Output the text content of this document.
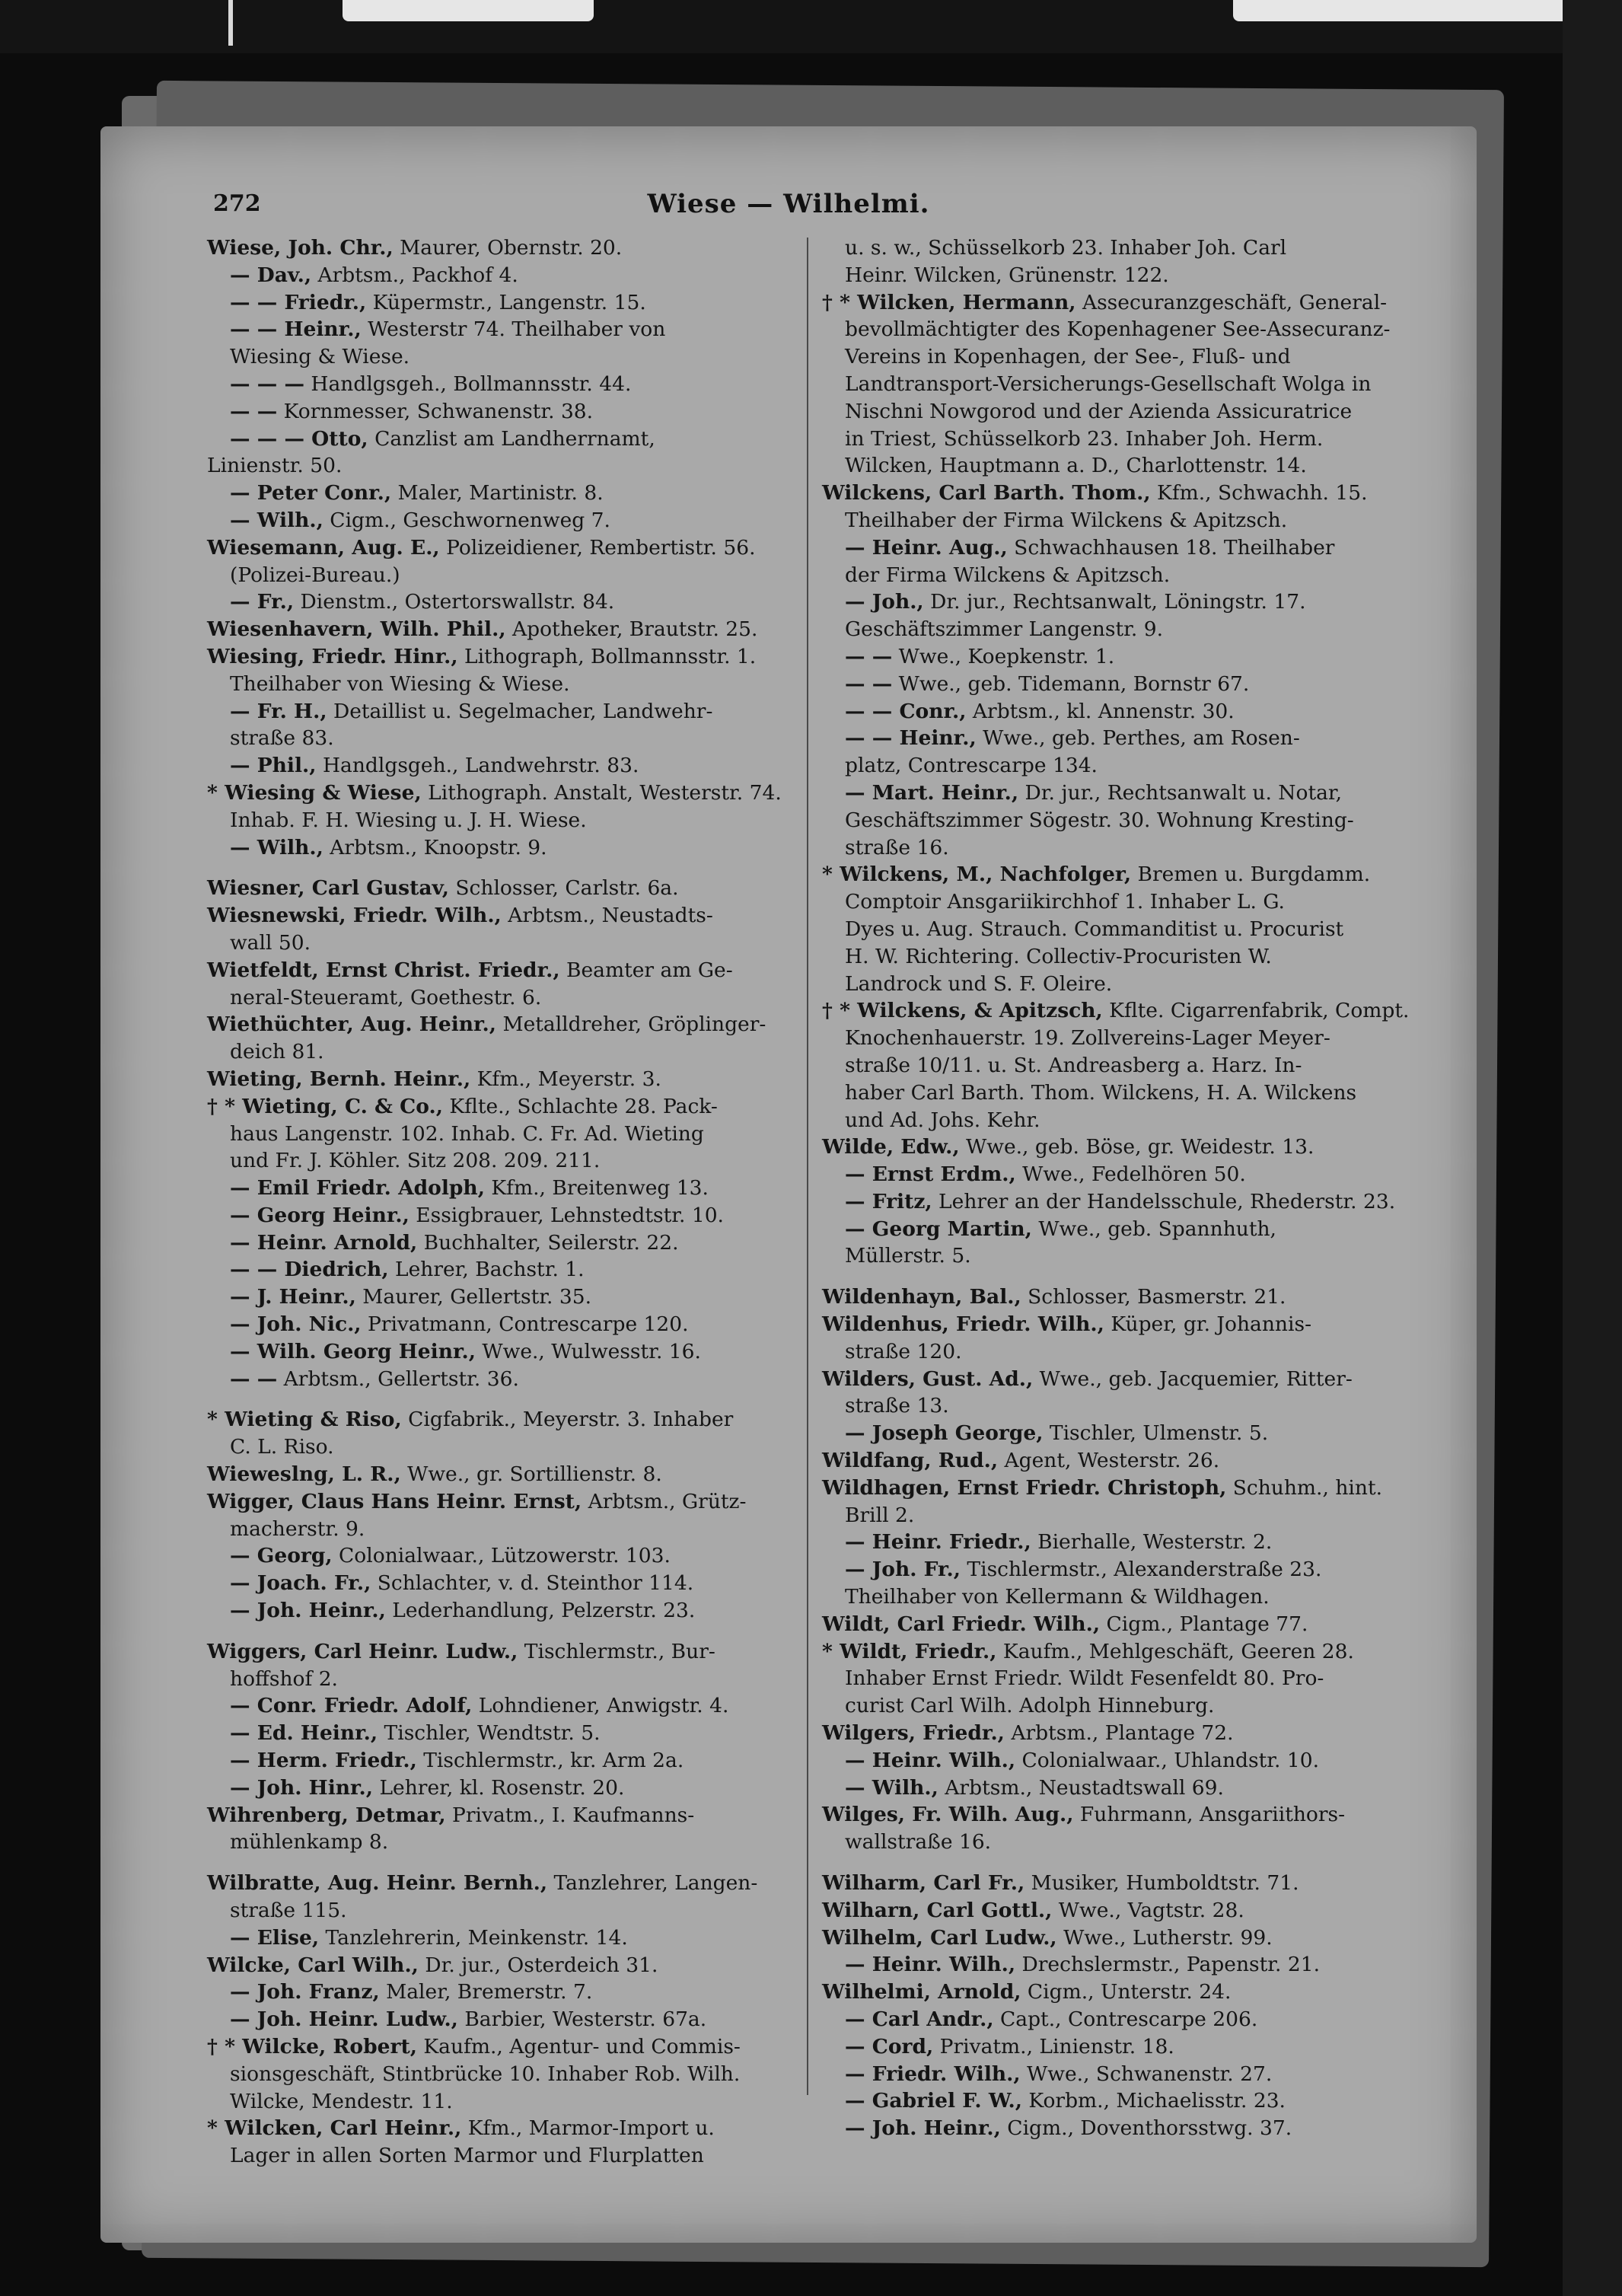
272	Wiese — Wilhelmi.
Wiese, Joh. Chr., Maurer, Obernstr. 20.
— Dav., Arbtsm., Packhof 4.
— — Friedr., Küpermstr., Langenstr. 15.
— — Heinr., Westerstr 74. Theilhaber von
Wiesing & Wiese.
— — — Handlgsgeh., Bollmannsstr. 44.
— — Kornmesser, Schwanenstr. 38.
— — — Otto, Canzlist am Landherrnamt,
Linienstr. 50.
— Peter Conr., Maler, Martinistr. 8.
— Wilh., Cigm., Geschwornenweg 7.
Wiesemann, Aug. E., Polizeidiener, Rembertistr. 56.
(Polizei-Bureau.)
— Fr., Dienstm., Ostertorswallstr. 84.
Wiesenhavern, Wilh. Phil., Apotheker, Brautstr. 25.
Wiesing, Friedr. Hinr., Lithograph, Bollmannsstr. 1.
Theilhaber von Wiesing & Wiese.
— Fr. H., Detaillist u. Segelmacher, Landwehr-
straße 83.
— Phil., Handlgsgeh., Landwehrstr. 83.
* Wiesing & Wiese, Lithograph. Anstalt, Westerstr. 74.
Inhab. F. H. Wiesing u. J. H. Wiese.
— Wilh., Arbtsm., Knoopstr. 9.
Wiesner, Carl Gustav, Schlosser, Carlstr. 6a.
Wiesnewski, Friedr. Wilh., Arbtsm., Neustadts-
wall 50.
Wietfeldt, Ernst Christ. Friedr., Beamter am Ge-
neral-Steueramt, Goethestr. 6.
Wiethüchter, Aug. Heinr., Metalldreher, Gröplinger-
deich 81.
Wieting, Bernh. Heinr., Kfm., Meyerstr. 3.
† * Wieting, C. & Co., Kflte., Schlachte 28. Pack-
haus Langenstr. 102. Inhab. C. Fr. Ad. Wieting
und Fr. J. Köhler. Sitz 208. 209. 211.
— Emil Friedr. Adolph, Kfm., Breitenweg 13.
— Georg Heinr., Essigbrauer, Lehnstedtstr. 10.
— Heinr. Arnold, Buchhalter, Seilerstr. 22.
— — Diedrich, Lehrer, Bachstr. 1.
— J. Heinr., Maurer, Gellertstr. 35.
— Joh. Nic., Privatmann, Contrescarpe 120.
— Wilh. Georg Heinr., Wwe., Wulwesstr. 16.
— — Arbtsm., Gellertstr. 36.
* Wieting & Riso, Cigfabrik., Meyerstr. 3. Inhaber
C. L. Riso.
Wieweslng, L. R., Wwe., gr. Sortillienstr. 8.
Wigger, Claus Hans Heinr. Ernst, Arbtsm., Grütz-
macherstr. 9.
— Georg, Colonialwaar., Lützowerstr. 103.
— Joach. Fr., Schlachter, v. d. Steinthor 114.
— Joh. Heinr., Lederhandlung, Pelzerstr. 23.
Wiggers, Carl Heinr. Ludw., Tischlermstr., Bur-
hoffshof 2.
— Conr. Friedr. Adolf, Lohndiener, Anwigstr. 4.
— Ed. Heinr., Tischler, Wendtstr. 5.
— Herm. Friedr., Tischlermstr., kr. Arm 2a.
— Joh. Hinr., Lehrer, kl. Rosenstr. 20.
Wihrenberg, Detmar, Privatm., I. Kaufmanns-
mühlenkamp 8.
Wilbratte, Aug. Heinr. Bernh., Tanzlehrer, Langen-
straße 115.
— Elise, Tanzlehrerin, Meinkenstr. 14.
Wilcke, Carl Wilh., Dr. jur., Osterdeich 31.
— Joh. Franz, Maler, Bremerstr. 7.
— Joh. Heinr. Ludw., Barbier, Westerstr. 67a.
† * Wilcke, Robert, Kaufm., Agentur- und Commis-
sionsgeschäft, Stintbrücke 10. Inhaber Rob. Wilh.
Wilcke, Mendestr. 11.
* Wilcken, Carl Heinr., Kfm., Marmor-Import u.
Lager in allen Sorten Marmor und Flurplatten
u. s. w., Schüsselkorb 23. Inhaber Joh. Carl
Heinr. Wilcken, Grünenstr. 122.
† * Wilcken, Hermann, Assecuranzgeschäft, General-
bevollmächtigter des Kopenhagener See-Assecuranz-
Vereins in Kopenhagen, der See-, Fluß- und
Landtransport-Versicherungs-Gesellschaft Wolga in
Nischni Nowgorod und der Azienda Assicuratrice
in Triest, Schüsselkorb 23. Inhaber Joh. Herm.
Wilcken, Hauptmann a. D., Charlottenstr. 14.
Wilckens, Carl Barth. Thom., Kfm., Schwachh. 15.
Theilhaber der Firma Wilckens & Apitzsch.
— Heinr. Aug., Schwachhausen 18. Theilhaber
der Firma Wilckens & Apitzsch.
— Joh., Dr. jur., Rechtsanwalt, Löningstr. 17.
Geschäftszimmer Langenstr. 9.
— — Wwe., Koepkenstr. 1.
— — Wwe., geb. Tidemann, Bornstr 67.
— — Conr., Arbtsm., kl. Annenstr. 30.
— — Heinr., Wwe., geb. Perthes, am Rosen-
platz, Contrescarpe 134.
— Mart. Heinr., Dr. jur., Rechtsanwalt u. Notar,
Geschäftszimmer Sögestr. 30. Wohnung Kresting-
straße 16.
* Wilckens, M., Nachfolger, Bremen u. Burgdamm.
Comptoir Ansgariikirchhof 1. Inhaber L. G.
Dyes u. Aug. Strauch. Commanditist u. Procurist
H. W. Richtering. Collectiv-Procuristen W.
Landrock und S. F. Oleire.
† * Wilckens, & Apitzsch, Kflte. Cigarrenfabrik, Compt.
Knochenhauerstr. 19. Zollvereins-Lager Meyer-
straße 10/11. u. St. Andreasberg a. Harz. In-
haber Carl Barth. Thom. Wilckens, H. A. Wilckens
und Ad. Johs. Kehr.
Wilde, Edw., Wwe., geb. Böse, gr. Weidestr. 13.
— Ernst Erdm., Wwe., Fedelhören 50.
— Fritz, Lehrer an der Handelsschule, Rhederstr. 23.
— Georg Martin, Wwe., geb. Spannhuth,
Müllerstr. 5.
Wildenhayn, Bal., Schlosser, Basmerstr. 21.
Wildenhus, Friedr. Wilh., Küper, gr. Johannis-
straße 120.
Wilders, Gust. Ad., Wwe., geb. Jacquemier, Ritter-
straße 13.
— Joseph George, Tischler, Ulmenstr. 5.
Wildfang, Rud., Agent, Westerstr. 26.
Wildhagen, Ernst Friedr. Christoph, Schuhm., hint.
Brill 2.
— Heinr. Friedr., Bierhalle, Westerstr. 2.
— Joh. Fr., Tischlermstr., Alexanderstraße 23.
Theilhaber von Kellermann & Wildhagen.
Wildt, Carl Friedr. Wilh., Cigm., Plantage 77.
* Wildt, Friedr., Kaufm., Mehlgeschäft, Geeren 28.
Inhaber Ernst Friedr. Wildt Fesenfeldt 80. Pro-
curist Carl Wilh. Adolph Hinneburg.
Wilgers, Friedr., Arbtsm., Plantage 72.
— Heinr. Wilh., Colonialwaar., Uhlandstr. 10.
— Wilh., Arbtsm., Neustadtswall 69.
Wilges, Fr. Wilh. Aug., Fuhrmann, Ansgariithors-
wallstraße 16.
Wilharm, Carl Fr., Musiker, Humboldtstr. 71.
Wilharn, Carl Gottl., Wwe., Vagtstr. 28.
Wilhelm, Carl Ludw., Wwe., Lutherstr. 99.
— Heinr. Wilh., Drechslermstr., Papenstr. 21.
Wilhelmi, Arnold, Cigm., Unterstr. 24.
— Carl Andr., Capt., Contrescarpe 206.
— Cord, Privatm., Linienstr. 18.
— Friedr. Wilh., Wwe., Schwanenstr. 27.
— Gabriel F. W., Korbm., Michaelisstr. 23.
— Joh. Heinr., Cigm., Doventhorsstwg. 37.
